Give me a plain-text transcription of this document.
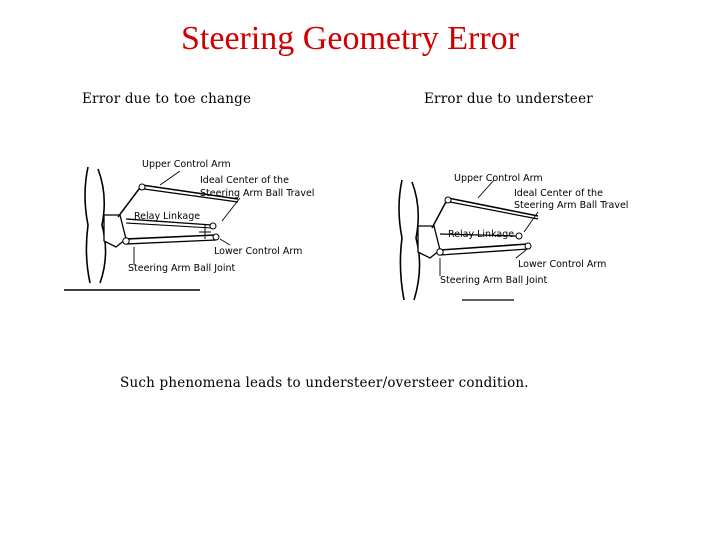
Steering Geometry Error
Error due to toe change	Error due to understeer
Upper Control Arm
Ideal Center of the
Steering Arm Ball Travel
Relay Linkage
Lower Control Arm
Steering Arm Ball Joint
Upper Control Arm
Ideal Center of the
Steering Arm Ball Travel
Relay Linkage
Lower Control Arm
Steering Arm Ball Joint
Such phenomena leads to understeer/oversteer condition.
